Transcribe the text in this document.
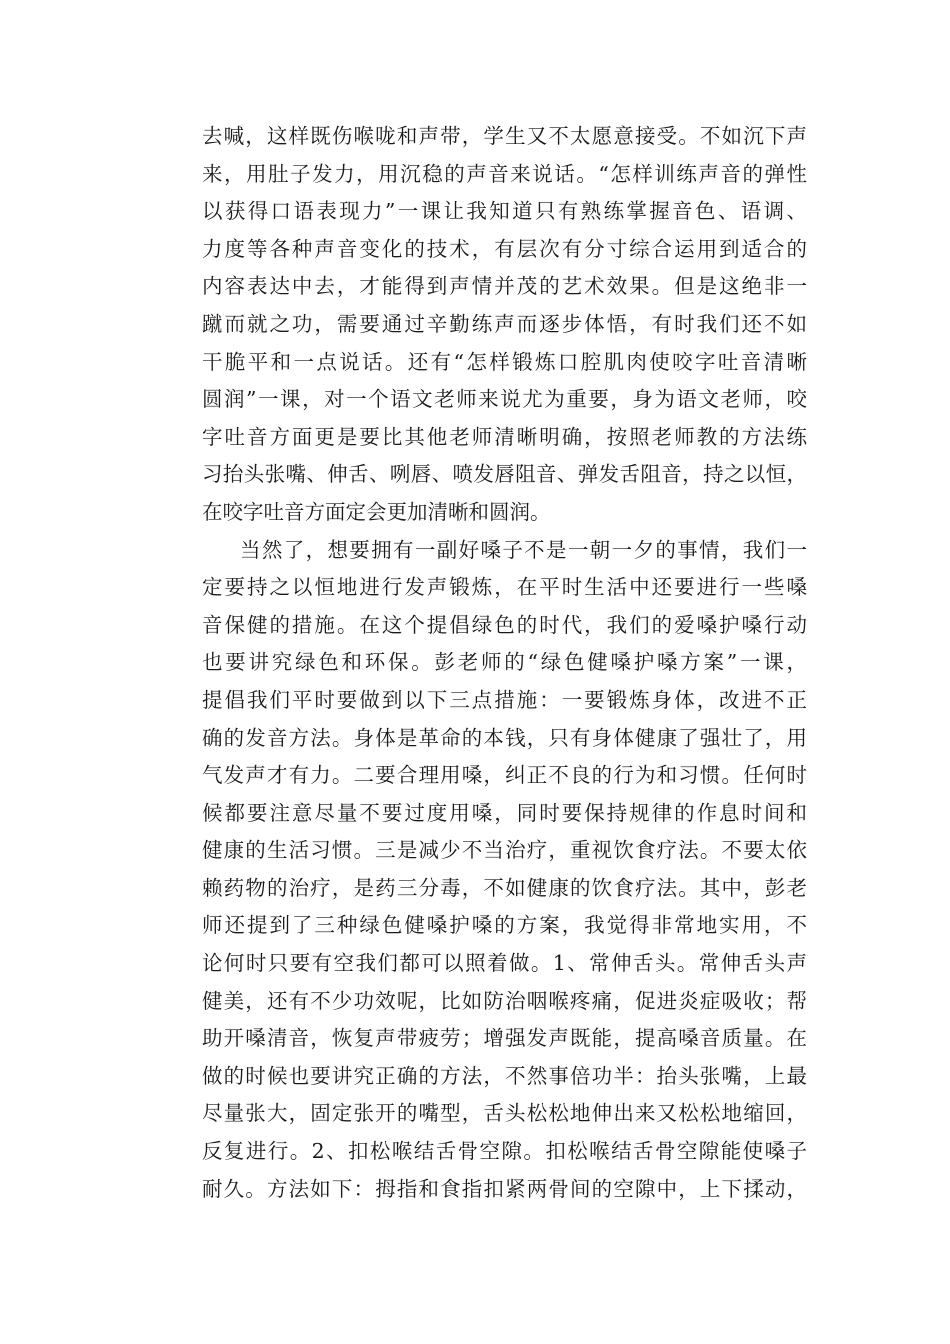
去喊，这样既伤喉咙和声带，学生又不太愿意接受。不如沉下声
来，用肚子发力，用沉稳的声音来说话。“怎样训练声音的弹性
以获得口语表现力”一课让我知道只有熟练掌握音色、语调、
力度等各种声音变化的技术，有层次有分寸综合运用到适合的
内容表达中去，才能得到声情并茂的艺术效果。但是这绝非一
蹴而就之功，需要通过辛勤练声而逐步体悟，有时我们还不如
干脆平和一点说话。还有“怎样锻炼口腔肌肉使咬字吐音清晰
圆润”一课，对一个语文老师来说尤为重要，身为语文老师，咬
字吐音方面更是要比其他老师清晰明确，按照老师教的方法练
习抬头张嘴、伸舌、咧唇、喷发唇阻音、弹发舌阻音，持之以恒，
在咬字吐音方面定会更加清晰和圆润。
当然了，想要拥有一副好嗓子不是一朝一夕的事情，我们一
定要持之以恒地进行发声锻炼，在平时生活中还要进行一些嗓
音保健的措施。在这个提倡绿色的时代，我们的爱嗓护嗓行动
也要讲究绿色和环保。彭老师的“绿色健嗓护嗓方案”一课，
提倡我们平时要做到以下三点措施：一要锻炼身体，改进不正
确的发音方法。身体是革命的本钱，只有身体健康了强壮了，用
气发声才有力。二要合理用嗓，纠正不良的行为和习惯。任何时
候都要注意尽量不要过度用嗓，同时要保持规律的作息时间和
健康的生活习惯。三是减少不当治疗，重视饮食疗法。不要太依
赖药物的治疗，是药三分毒，不如健康的饮食疗法。其中，彭老
师还提到了三种绿色健嗓护嗓的方案，我觉得非常地实用，不
论何时只要有空我们都可以照着做。1、常伸舌头。常伸舌头声
健美，还有不少功效呢，比如防治咽喉疼痛，促进炎症吸收；帮
助开嗓清音，恢复声带疲劳；增强发声既能，提高嗓音质量。在
做的时候也要讲究正确的方法，不然事倍功半：抬头张嘴，上最
尽量张大，固定张开的嘴型，舌头松松地伸出来又松松地缩回，
反复进行。2、扣松喉结舌骨空隙。扣松喉结舌骨空隙能使嗓子
耐久。方法如下：拇指和食指扣紧两骨间的空隙中，上下揉动，
